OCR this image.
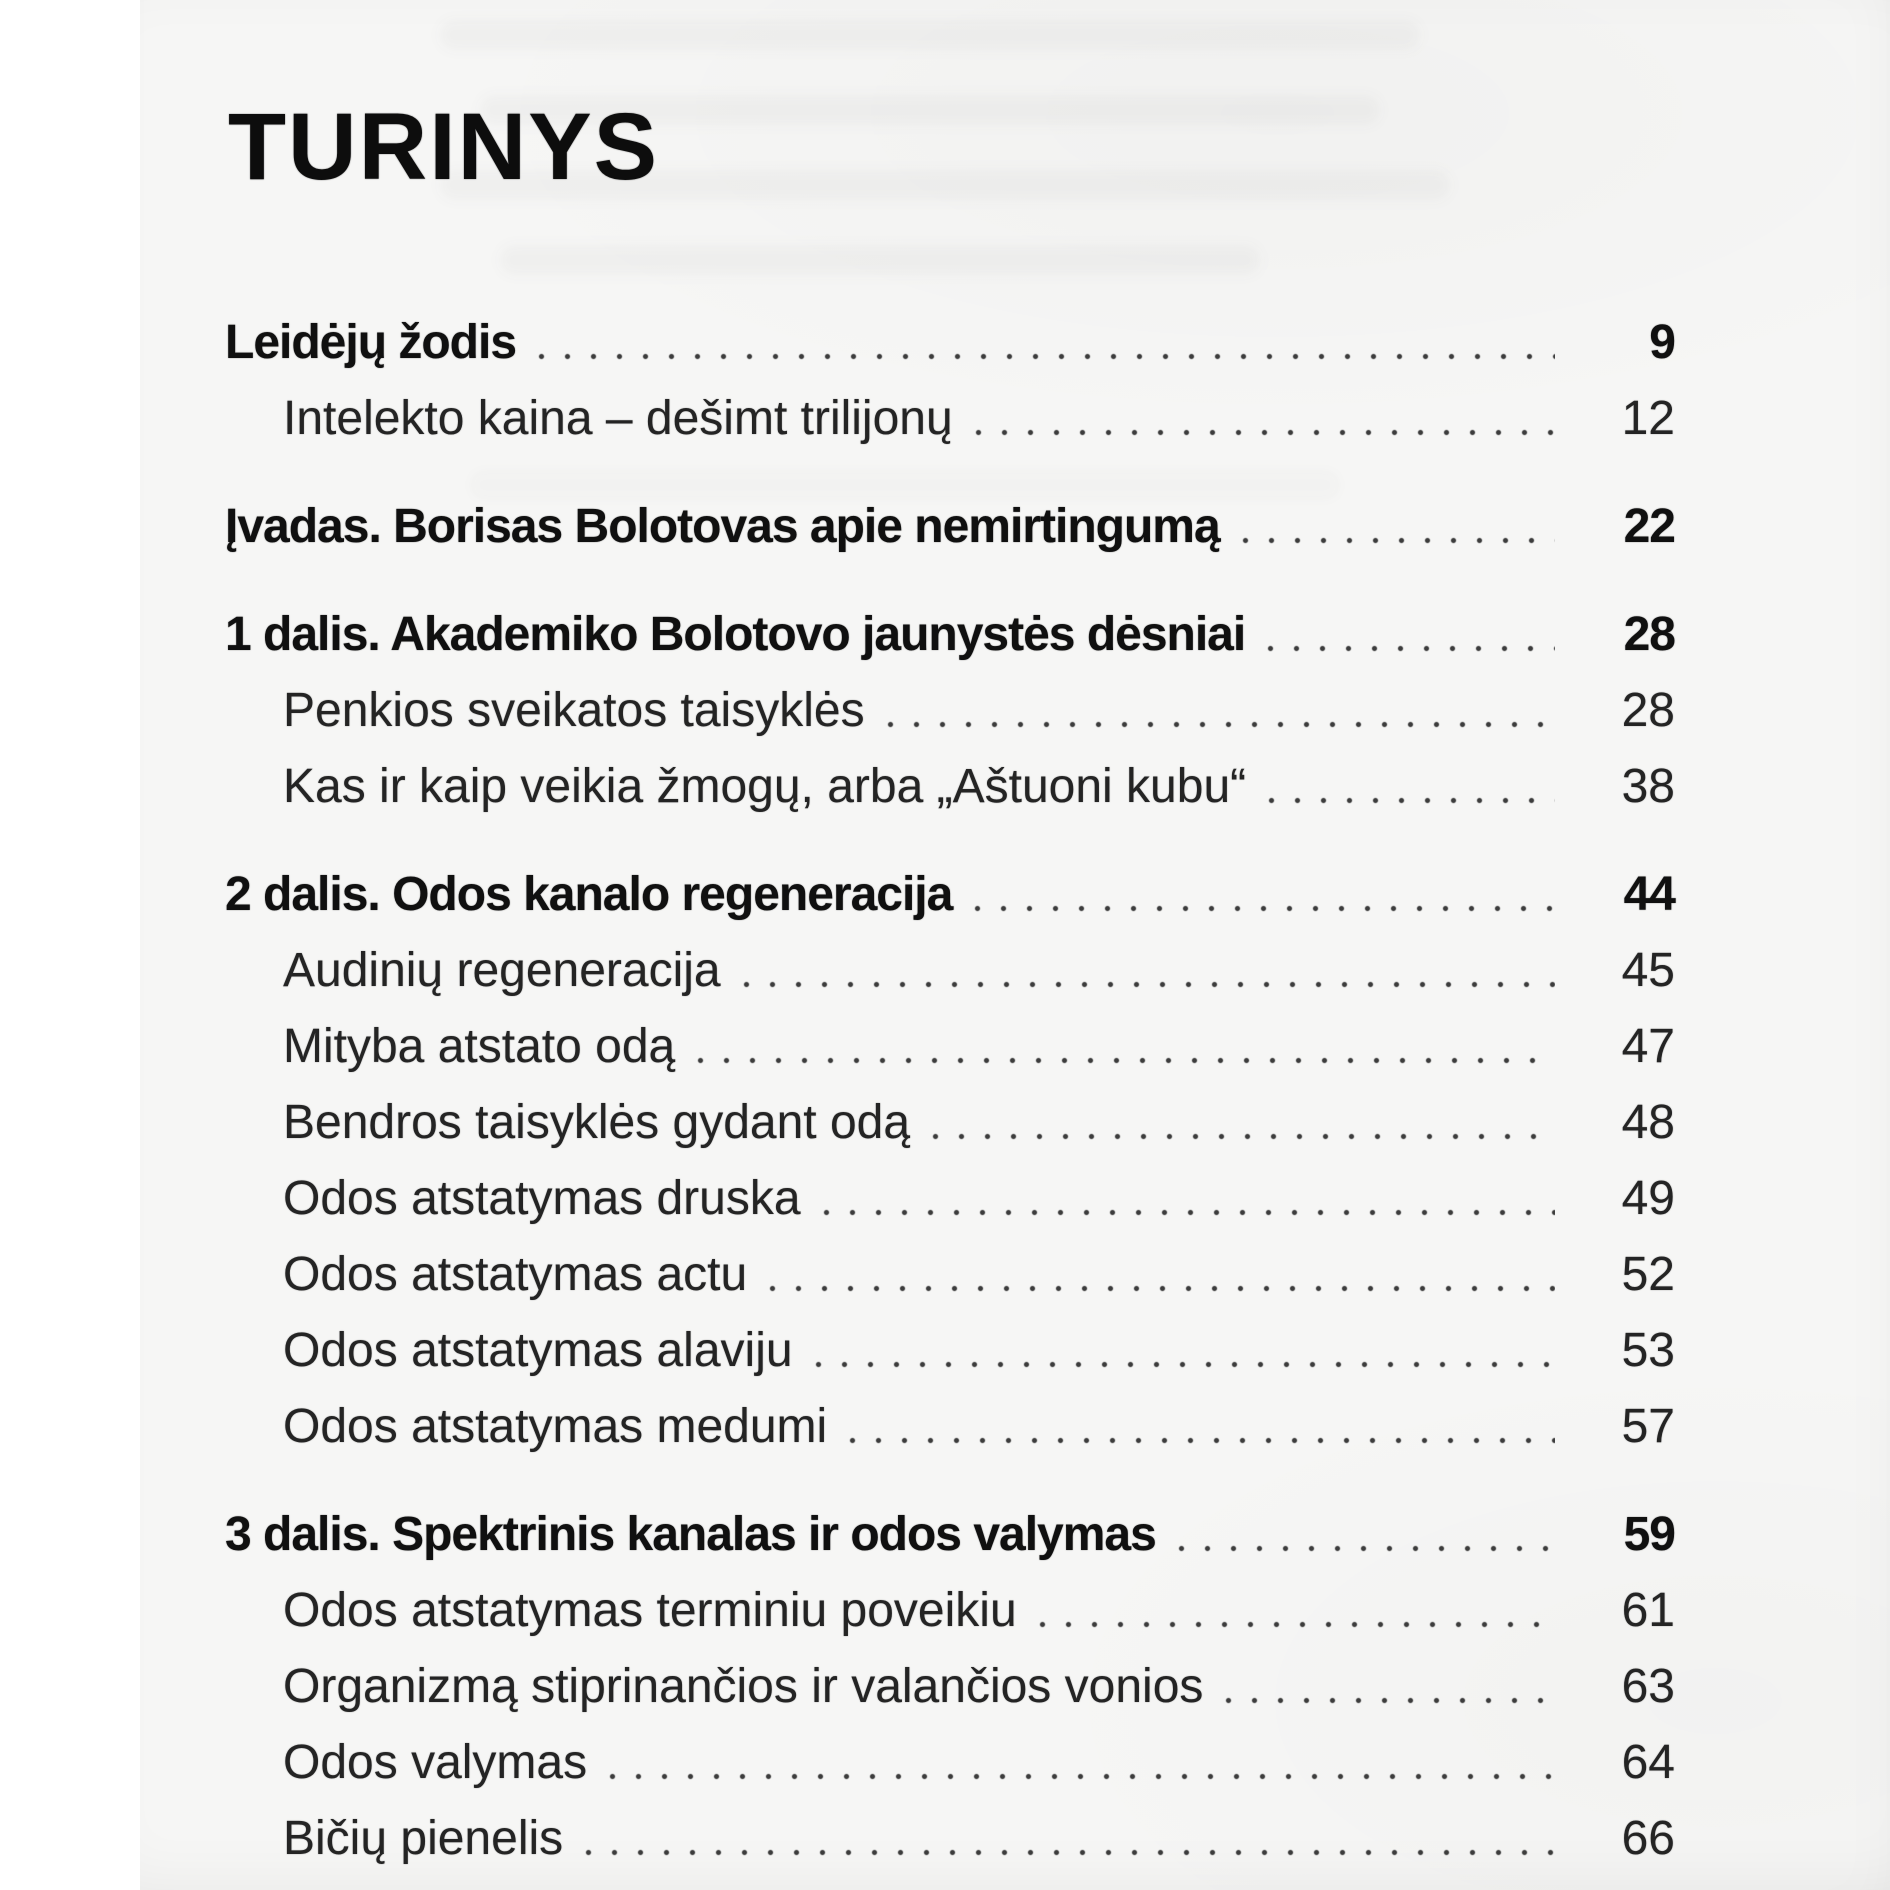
TURINYS
Leidėjų žodis	9
Intelekto kaina – dešimt trilijonų	12
Įvadas. Borisas Bolotovas apie nemirtingumą	22
1 dalis. Akademiko Bolotovo jaunystės dėsniai	28
Penkios sveikatos taisyklės	28
Kas ir kaip veikia žmogų, arba „Aštuoni kubu“	38
2 dalis. Odos kanalo regeneracija	44
Audinių regeneracija	45
Mityba atstato odą	47
Bendros taisyklės gydant odą	48
Odos atstatymas druska	49
Odos atstatymas actu	52
Odos atstatymas alaviju	53
Odos atstatymas medumi	57
3 dalis. Spektrinis kanalas ir odos valymas	59
Odos atstatymas terminiu poveikiu	61
Organizmą stiprinančios ir valančios vonios	63
Odos valymas	64
Bičių pienelis	66
